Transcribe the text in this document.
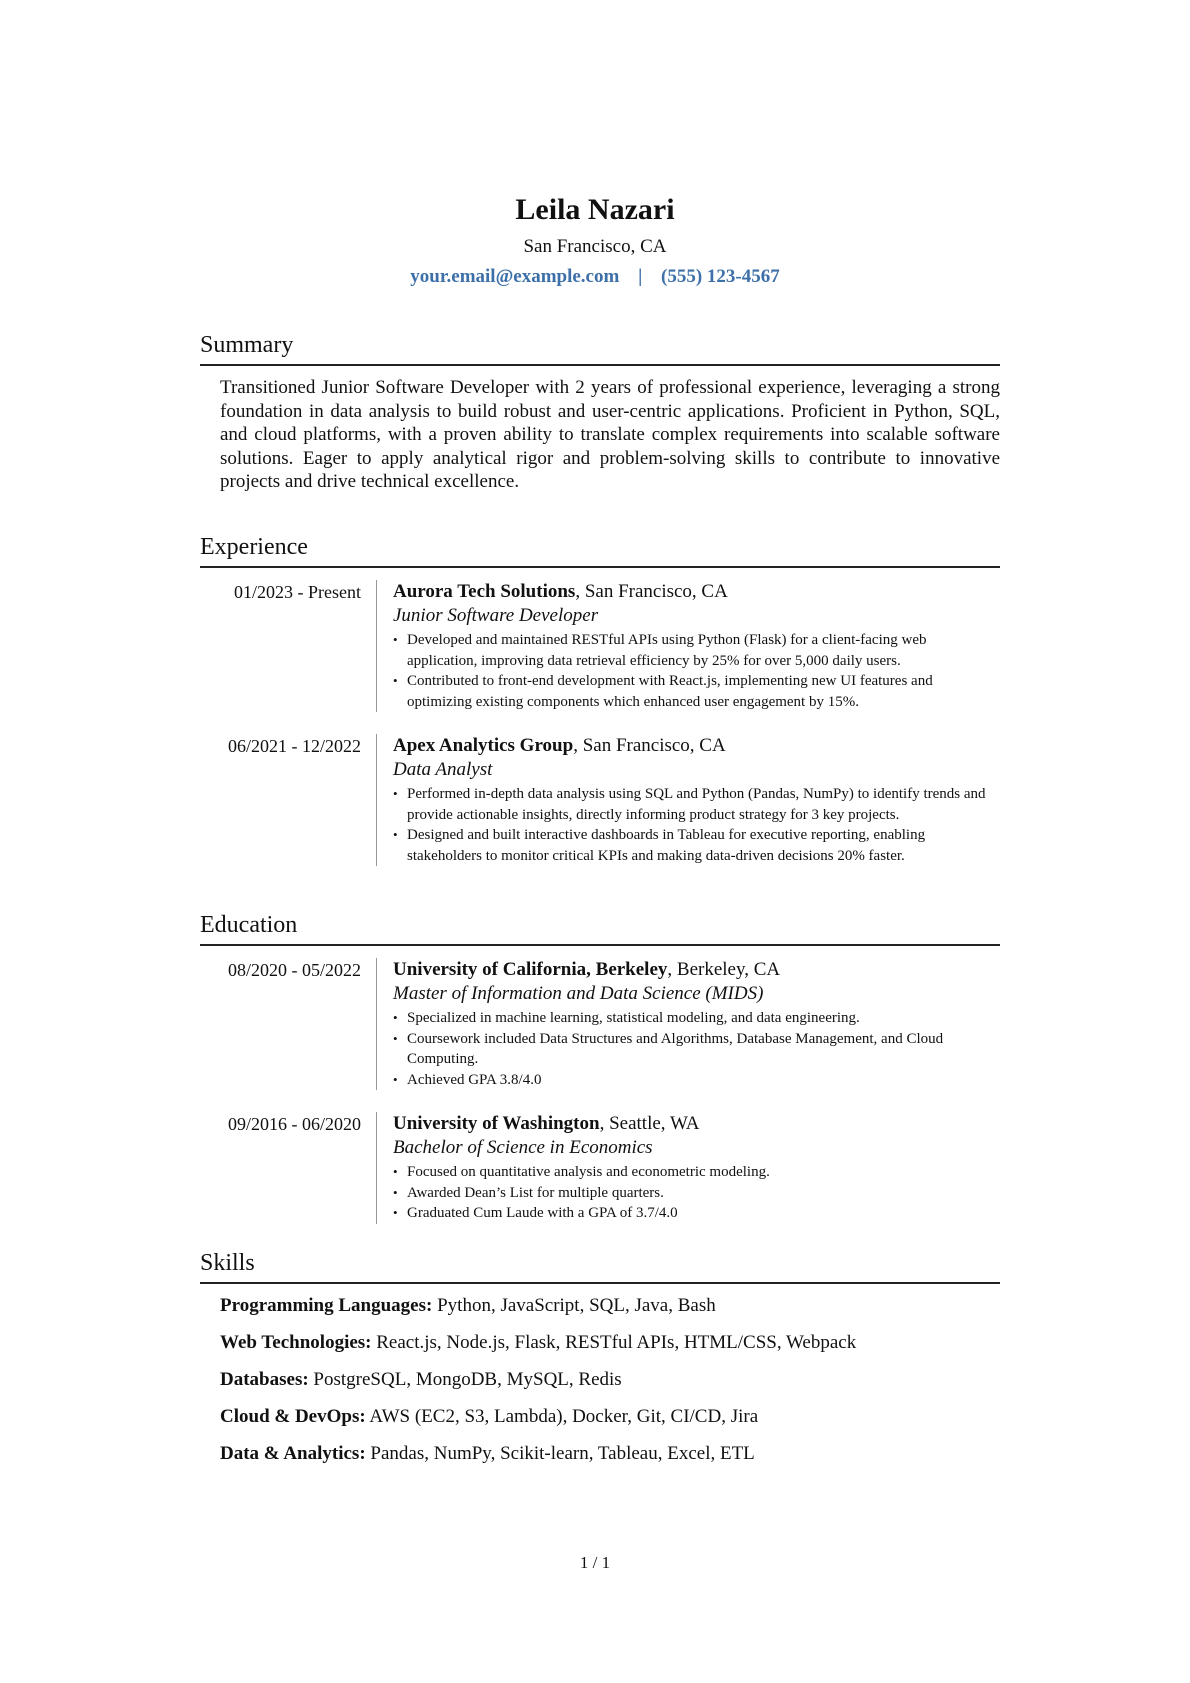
Leila Nazari
San Francisco, CA
your.email@example.com | (555) 123-4567
Summary
Transitioned Junior Software Developer with 2 years of professional experience, leveraging a strong foundation in data analysis to build robust and user-centric applications. Proficient in Python, SQL, and cloud platforms, with a proven ability to translate complex requirements into scalable software solutions. Eager to apply analytical rigor and problem-solving skills to contribute to innovative projects and drive technical excellence.
Experience
01/2023 - Present	Aurora Tech Solutions, San Francisco, CA
Junior Software Developer
• Developed and maintained RESTful APIs using Python (Flask) for a client-facing web application, improving data retrieval efficiency by 25% for over 5,000 daily users.
• Contributed to front-end development with React.js, implementing new UI features and optimizing existing components which enhanced user engagement by 15%.
06/2021 - 12/2022	Apex Analytics Group, San Francisco, CA
Data Analyst
• Performed in-depth data analysis using SQL and Python (Pandas, NumPy) to identify trends and provide actionable insights, directly informing product strategy for 3 key projects.
• Designed and built interactive dashboards in Tableau for executive reporting, enabling stakeholders to monitor critical KPIs and making data-driven decisions 20% faster.
Education
08/2020 - 05/2022	University of California, Berkeley, Berkeley, CA
Master of Information and Data Science (MIDS)
• Specialized in machine learning, statistical modeling, and data engineering.
• Coursework included Data Structures and Algorithms, Database Management, and Cloud Computing.
• Achieved GPA 3.8/4.0
09/2016 - 06/2020	University of Washington, Seattle, WA
Bachelor of Science in Economics
• Focused on quantitative analysis and econometric modeling.
• Awarded Dean’s List for multiple quarters.
• Graduated Cum Laude with a GPA of 3.7/4.0
Skills
Programming Languages: Python, JavaScript, SQL, Java, Bash
Web Technologies: React.js, Node.js, Flask, RESTful APIs, HTML/CSS, Webpack
Databases: PostgreSQL, MongoDB, MySQL, Redis
Cloud & DevOps: AWS (EC2, S3, Lambda), Docker, Git, CI/CD, Jira
Data & Analytics: Pandas, NumPy, Scikit-learn, Tableau, Excel, ETL
1 / 1
